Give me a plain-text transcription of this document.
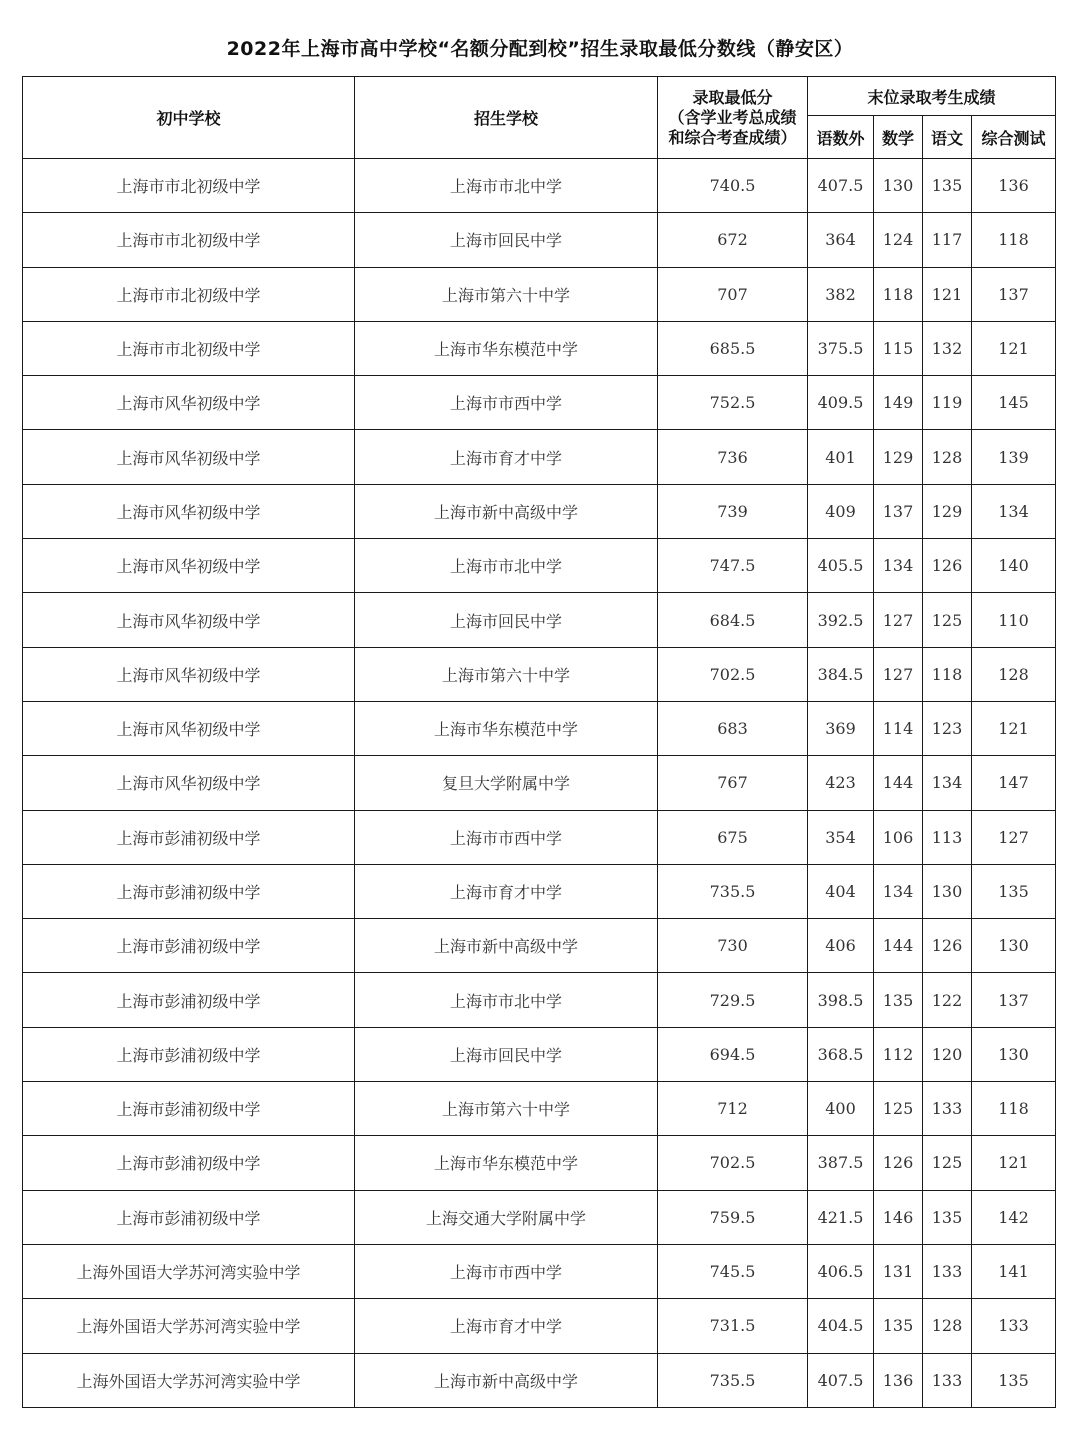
2022年上海市高中学校“名额分配到校”招生录取最低分数线（静安区）
初中学校	招生学校	录取最低分
（含学业考总成绩
和综合考查成绩）	末位录取考生成绩			
			语数外	数学	语文	综合测试
上海市市北初级中学	上海市市北中学	740.5	407.5	130	135	136
上海市市北初级中学	上海市回民中学	672	364	124	117	118
上海市市北初级中学	上海市第六十中学	707	382	118	121	137
上海市市北初级中学	上海市华东模范中学	685.5	375.5	115	132	121
上海市风华初级中学	上海市市西中学	752.5	409.5	149	119	145
上海市风华初级中学	上海市育才中学	736	401	129	128	139
上海市风华初级中学	上海市新中高级中学	739	409	137	129	134
上海市风华初级中学	上海市市北中学	747.5	405.5	134	126	140
上海市风华初级中学	上海市回民中学	684.5	392.5	127	125	110
上海市风华初级中学	上海市第六十中学	702.5	384.5	127	118	128
上海市风华初级中学	上海市华东模范中学	683	369	114	123	121
上海市风华初级中学	复旦大学附属中学	767	423	144	134	147
上海市彭浦初级中学	上海市市西中学	675	354	106	113	127
上海市彭浦初级中学	上海市育才中学	735.5	404	134	130	135
上海市彭浦初级中学	上海市新中高级中学	730	406	144	126	130
上海市彭浦初级中学	上海市市北中学	729.5	398.5	135	122	137
上海市彭浦初级中学	上海市回民中学	694.5	368.5	112	120	130
上海市彭浦初级中学	上海市第六十中学	712	400	125	133	118
上海市彭浦初级中学	上海市华东模范中学	702.5	387.5	126	125	121
上海市彭浦初级中学	上海交通大学附属中学	759.5	421.5	146	135	142
上海外国语大学苏河湾实验中学	上海市市西中学	745.5	406.5	131	133	141
上海外国语大学苏河湾实验中学	上海市育才中学	731.5	404.5	135	128	133
上海外国语大学苏河湾实验中学	上海市新中高级中学	735.5	407.5	136	133	135
